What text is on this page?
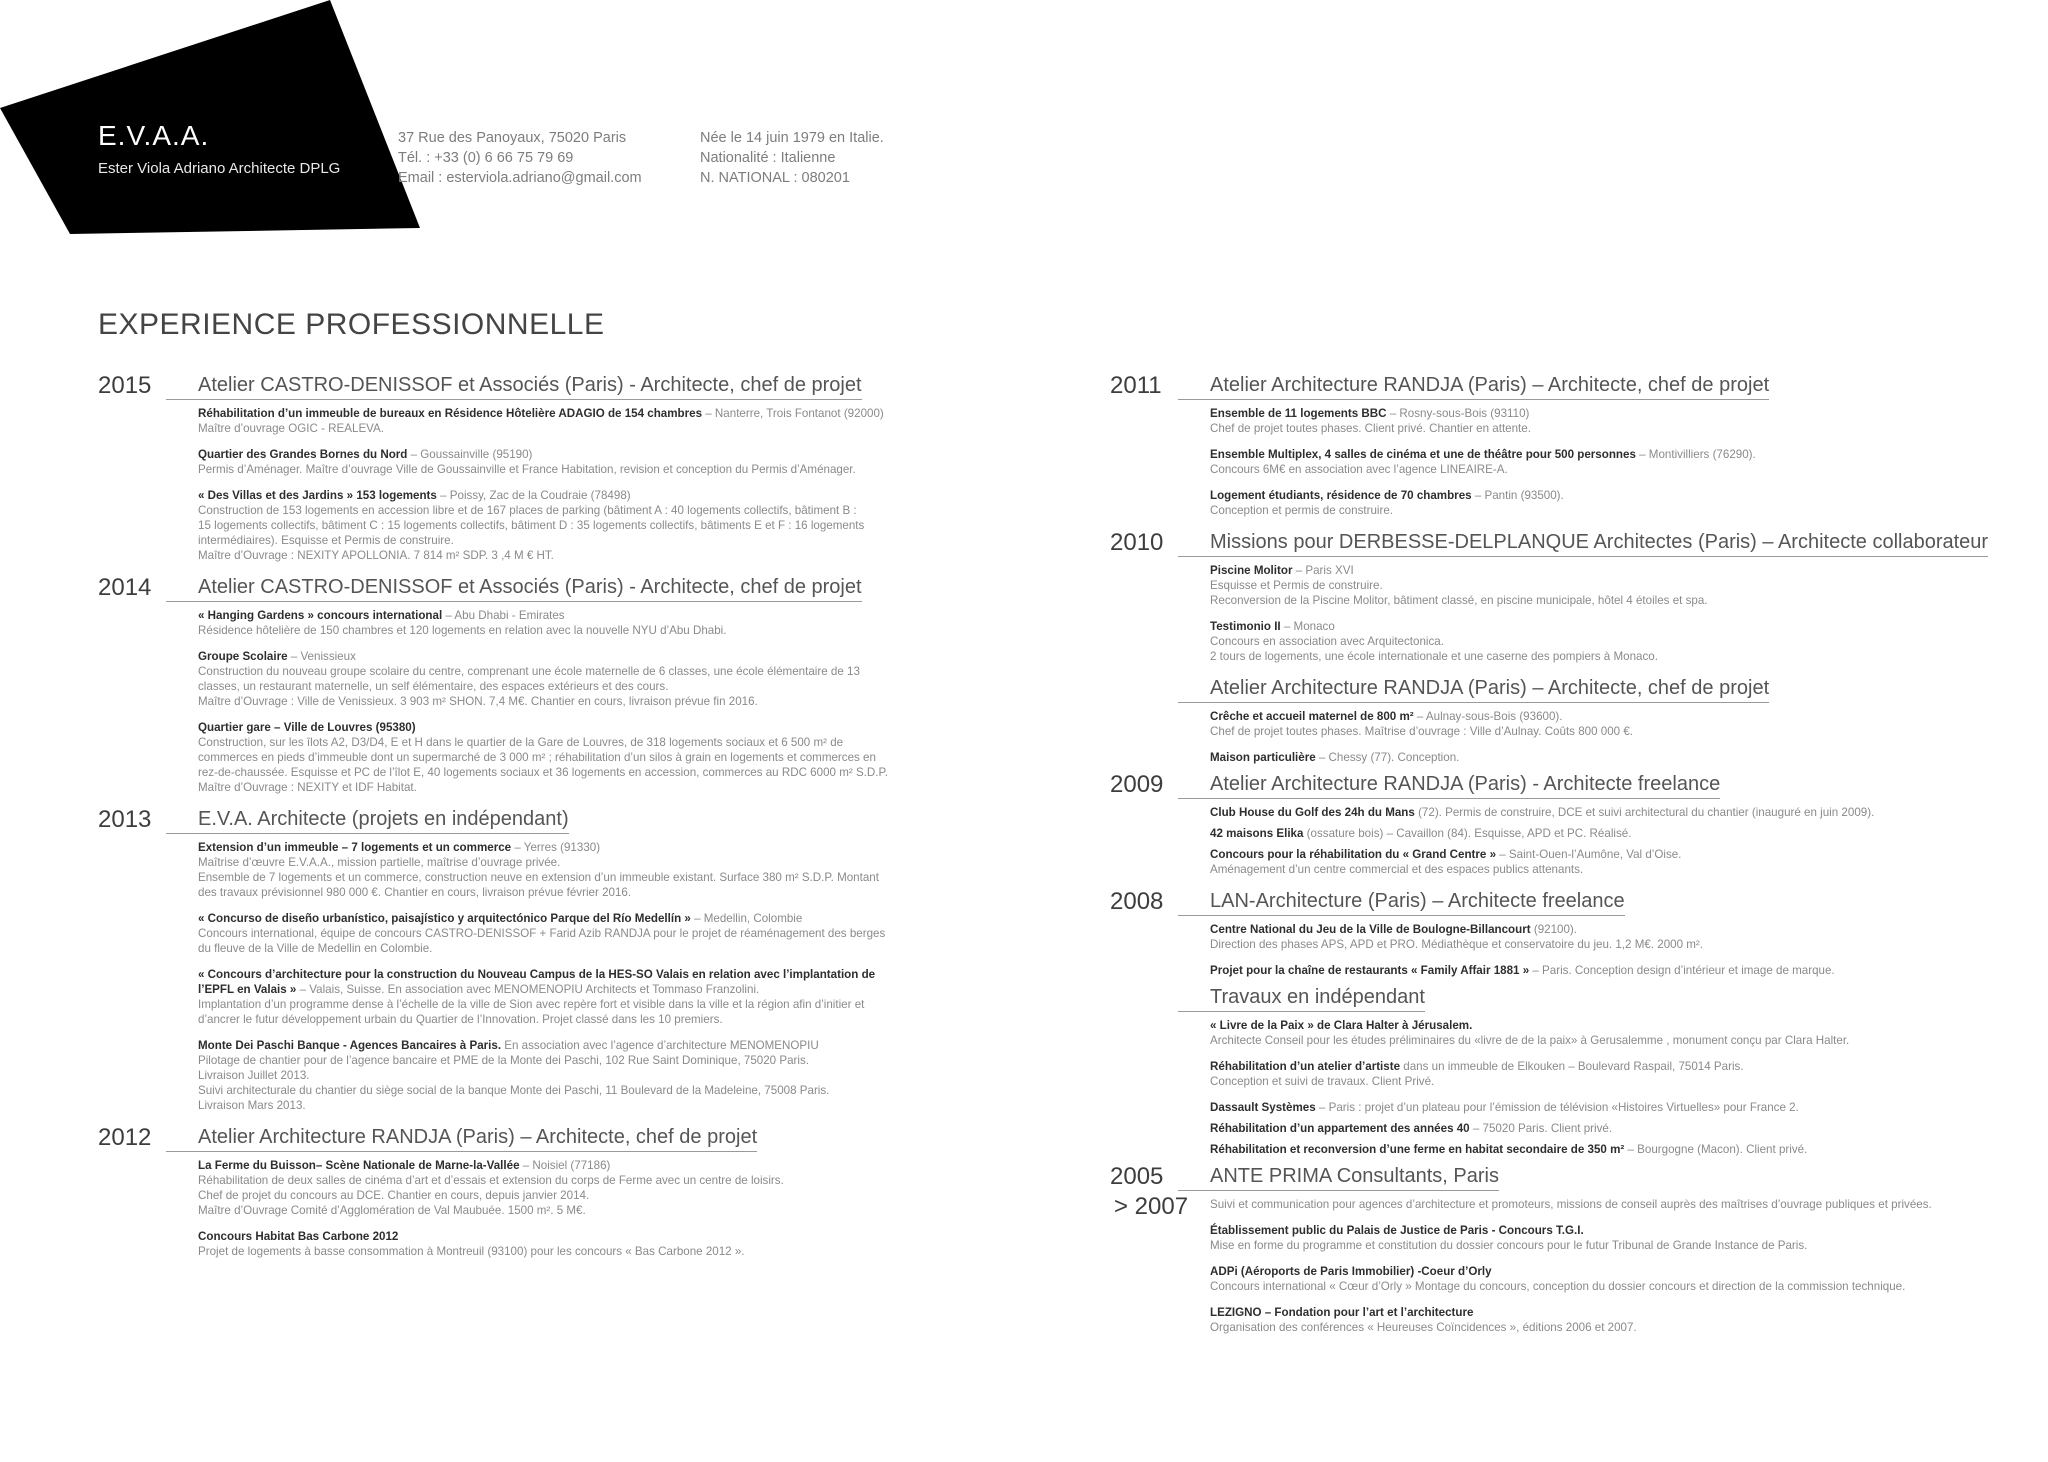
E.V.A.A.
Ester Viola Adriano Architecte DPLG
37 Rue des Panoyaux, 75020 Paris
Tél. : +33 (0) 6 66 75 79 69
Email : esterviola.adriano@gmail.com
Née le 14 juin 1979 en Italie.
Nationalité : Italienne
N. NATIONAL : 080201
EXPERIENCE PROFESSIONNELLE
2015 Atelier CASTRO-DENISSOF et Associés (Paris) - Architecte, chef de projet
Réhabilitation d’un immeuble de bureaux en Résidence Hôtelière ADAGIO de 154 chambres – Nanterre, Trois Fontanot (92000)
Maître d’ouvrage OGIC - REALEVA.
Quartier des Grandes Bornes du Nord – Goussainville (95190)
Permis d’Aménager. Maître d’ouvrage Ville de Goussainville et France Habitation, revision et conception du Permis d’Aménager.
« Des Villas et des Jardins » 153 logements – Poissy, Zac de la Coudraie (78498)
Construction de 153 logements en accession libre et de 167 places de parking (bâtiment A : 40 logements collectifs, bâtiment B :
15 logements collectifs, bâtiment C : 15 logements collectifs, bâtiment D : 35 logements collectifs, bâtiments E et F : 16 logements
intermédiaires). Esquisse et Permis de construire.
Maître d’Ouvrage : NEXITY APOLLONIA. 7 814 m² SDP. 3 ,4 M € HT.
2014 Atelier CASTRO-DENISSOF et Associés (Paris) - Architecte, chef de projet
« Hanging Gardens » concours international – Abu Dhabi - Emirates
Résidence hôtelière de 150 chambres et 120 logements en relation avec la nouvelle NYU d’Abu Dhabi.
Groupe Scolaire – Venissieux
Construction du nouveau groupe scolaire du centre, comprenant une école maternelle de 6 classes, une école élémentaire de 13
classes, un restaurant maternelle, un self élémentaire, des espaces extérieurs et des cours.
Maître d’Ouvrage : Ville de Venissieux. 3 903 m² SHON. 7,4 M€. Chantier en cours, livraison prévue fin 2016.
Quartier gare – Ville de Louvres (95380)
Construction, sur les îlots A2, D3/D4, E et H dans le quartier de la Gare de Louvres, de 318 logements sociaux et 6 500 m² de
commerces en pieds d’immeuble dont un supermarché de 3 000 m² ; réhabilitation d’un silos à grain en logements et commerces en
rez-de-chaussée. Esquisse et PC de l’îlot E, 40 logements sociaux et 36 logements en accession, commerces au RDC 6000 m² S.D.P.
Maître d’Ouvrage : NEXITY et IDF Habitat.
2013 E.V.A. Architecte (projets en indépendant)
Extension d’un immeuble – 7 logements et un commerce – Yerres (91330)
Maîtrise d’œuvre E.V.A.A., mission partielle, maîtrise d’ouvrage privée.
Ensemble de 7 logements et un commerce, construction neuve en extension d’un immeuble existant. Surface 380 m² S.D.P. Montant
des travaux prévisionnel 980 000 €. Chantier en cours, livraison prévue février 2016.
« Concurso de diseño urbanístico, paisajístico y arquitectónico Parque del Río Medellín » – Medellin, Colombie
Concours international, équipe de concours CASTRO-DENISSOF + Farid Azib RANDJA pour le projet de réaménagement des berges
du fleuve de la Ville de Medellin en Colombie.
« Concours d’architecture pour la construction du Nouveau Campus de la HES-SO Valais en relation avec l’implantation de
l’EPFL en Valais » – Valais, Suisse. En association avec MENOMENOPIU Architects et Tommaso Franzolini.
Implantation d’un programme dense à l’échelle de la ville de Sion avec repère fort et visible dans la ville et la région afin d’initier et
d’ancrer le futur développement urbain du Quartier de l’Innovation. Projet classé dans les 10 premiers.
Monte Dei Paschi Banque - Agences Bancaires à Paris. En association avec l’agence d’architecture MENOMENOPIU
Pilotage de chantier pour de l’agence bancaire et PME de la Monte dei Paschi, 102 Rue Saint Dominique, 75020 Paris.
Livraison Juillet 2013.
Suivi architecturale du chantier du siège social de la banque Monte dei Paschi, 11 Boulevard de la Madeleine, 75008 Paris.
Livraison Mars 2013.
2012 Atelier Architecture RANDJA (Paris) – Architecte, chef de projet
La Ferme du Buisson– Scène Nationale de Marne-la-Vallée – Noisiel (77186)
Réhabilitation de deux salles de cinéma d’art et d’essais et extension du corps de Ferme avec un centre de loisirs.
Chef de projet du concours au DCE. Chantier en cours, depuis janvier 2014.
Maître d’Ouvrage Comité d’Agglomération de Val Maubuée. 1500 m². 5 M€.
Concours Habitat Bas Carbone 2012
Projet de logements à basse consommation à Montreuil (93100) pour les concours « Bas Carbone 2012 ».
2011 Atelier Architecture RANDJA (Paris) – Architecte, chef de projet
Ensemble de 11 logements BBC – Rosny-sous-Bois (93110)
Chef de projet toutes phases. Client privé. Chantier en attente.
Ensemble Multiplex, 4 salles de cinéma et une de théâtre pour 500 personnes – Montivilliers (76290).
Concours 6M€ en association avec l’agence LINEAIRE-A.
Logement étudiants, résidence de 70 chambres – Pantin (93500).
Conception et permis de construire.
2010 Missions pour DERBESSE-DELPLANQUE Architectes (Paris) – Architecte collaborateur
Piscine Molitor – Paris XVI
Esquisse et Permis de construire.
Reconversion de la Piscine Molitor, bâtiment classé, en piscine municipale, hôtel 4 étoiles et spa.
Testimonio II – Monaco
Concours en association avec Arquitectonica.
2 tours de logements, une école internationale et une caserne des pompiers à Monaco.
Atelier Architecture RANDJA (Paris) – Architecte, chef de projet
Crêche et accueil maternel de 800 m² – Aulnay-sous-Bois (93600).
Chef de projet toutes phases. Maîtrise d’ouvrage : Ville d’Aulnay. Coûts 800 000 €.
Maison particulière – Chessy (77). Conception.
2009 Atelier Architecture RANDJA (Paris) - Architecte freelance
Club House du Golf des 24h du Mans (72). Permis de construire, DCE et suivi architectural du chantier (inauguré en juin 2009).
42 maisons Elika (ossature bois) – Cavaillon (84). Esquisse, APD et PC. Réalisé.
Concours pour la réhabilitation du « Grand Centre » – Saint-Ouen-l’Aumône, Val d’Oise.
Aménagement d’un centre commercial et des espaces publics attenants.
2008 LAN-Architecture (Paris) – Architecte freelance
Centre National du Jeu de la Ville de Boulogne-Billancourt (92100).
Direction des phases APS, APD et PRO. Médiathèque et conservatoire du jeu. 1,2 M€. 2000 m².
Projet pour la chaîne de restaurants « Family Affair 1881 » – Paris. Conception design d’intérieur et image de marque.
Travaux en indépendant
« Livre de la Paix » de Clara Halter à Jérusalem.
Architecte Conseil pour les études préliminaires du «livre de de la paix» à Gerusalemme , monument conçu par Clara Halter.
Réhabilitation d’un atelier d’artiste dans un immeuble de Elkouken – Boulevard Raspail, 75014 Paris.
Conception et suivi de travaux. Client Privé.
Dassault Systèmes – Paris : projet d’un plateau pour l’émission de télévision «Histoires Virtuelles» pour France 2.
Réhabilitation d’un appartement des années 40 – 75020 Paris. Client privé.
Réhabilitation et reconversion d’une ferme en habitat secondaire de 350 m² – Bourgogne (Macon). Client privé.
2005
> 2007
ANTE PRIMA Consultants, Paris
Suivi et communication pour agences d’architecture et promoteurs, missions de conseil auprès des maîtrises d’ouvrage publiques et privées.
Établissement public du Palais de Justice de Paris - Concours T.G.I.
Mise en forme du programme et constitution du dossier concours pour le futur Tribunal de Grande Instance de Paris.
ADPi (Aéroports de Paris Immobilier) -Coeur d’Orly
Concours international « Cœur d’Orly » Montage du concours, conception du dossier concours et direction de la commission technique.
LEZIGNO – Fondation pour l’art et l’architecture
Organisation des conférences « Heureuses Coïncidences », éditions 2006 et 2007.
